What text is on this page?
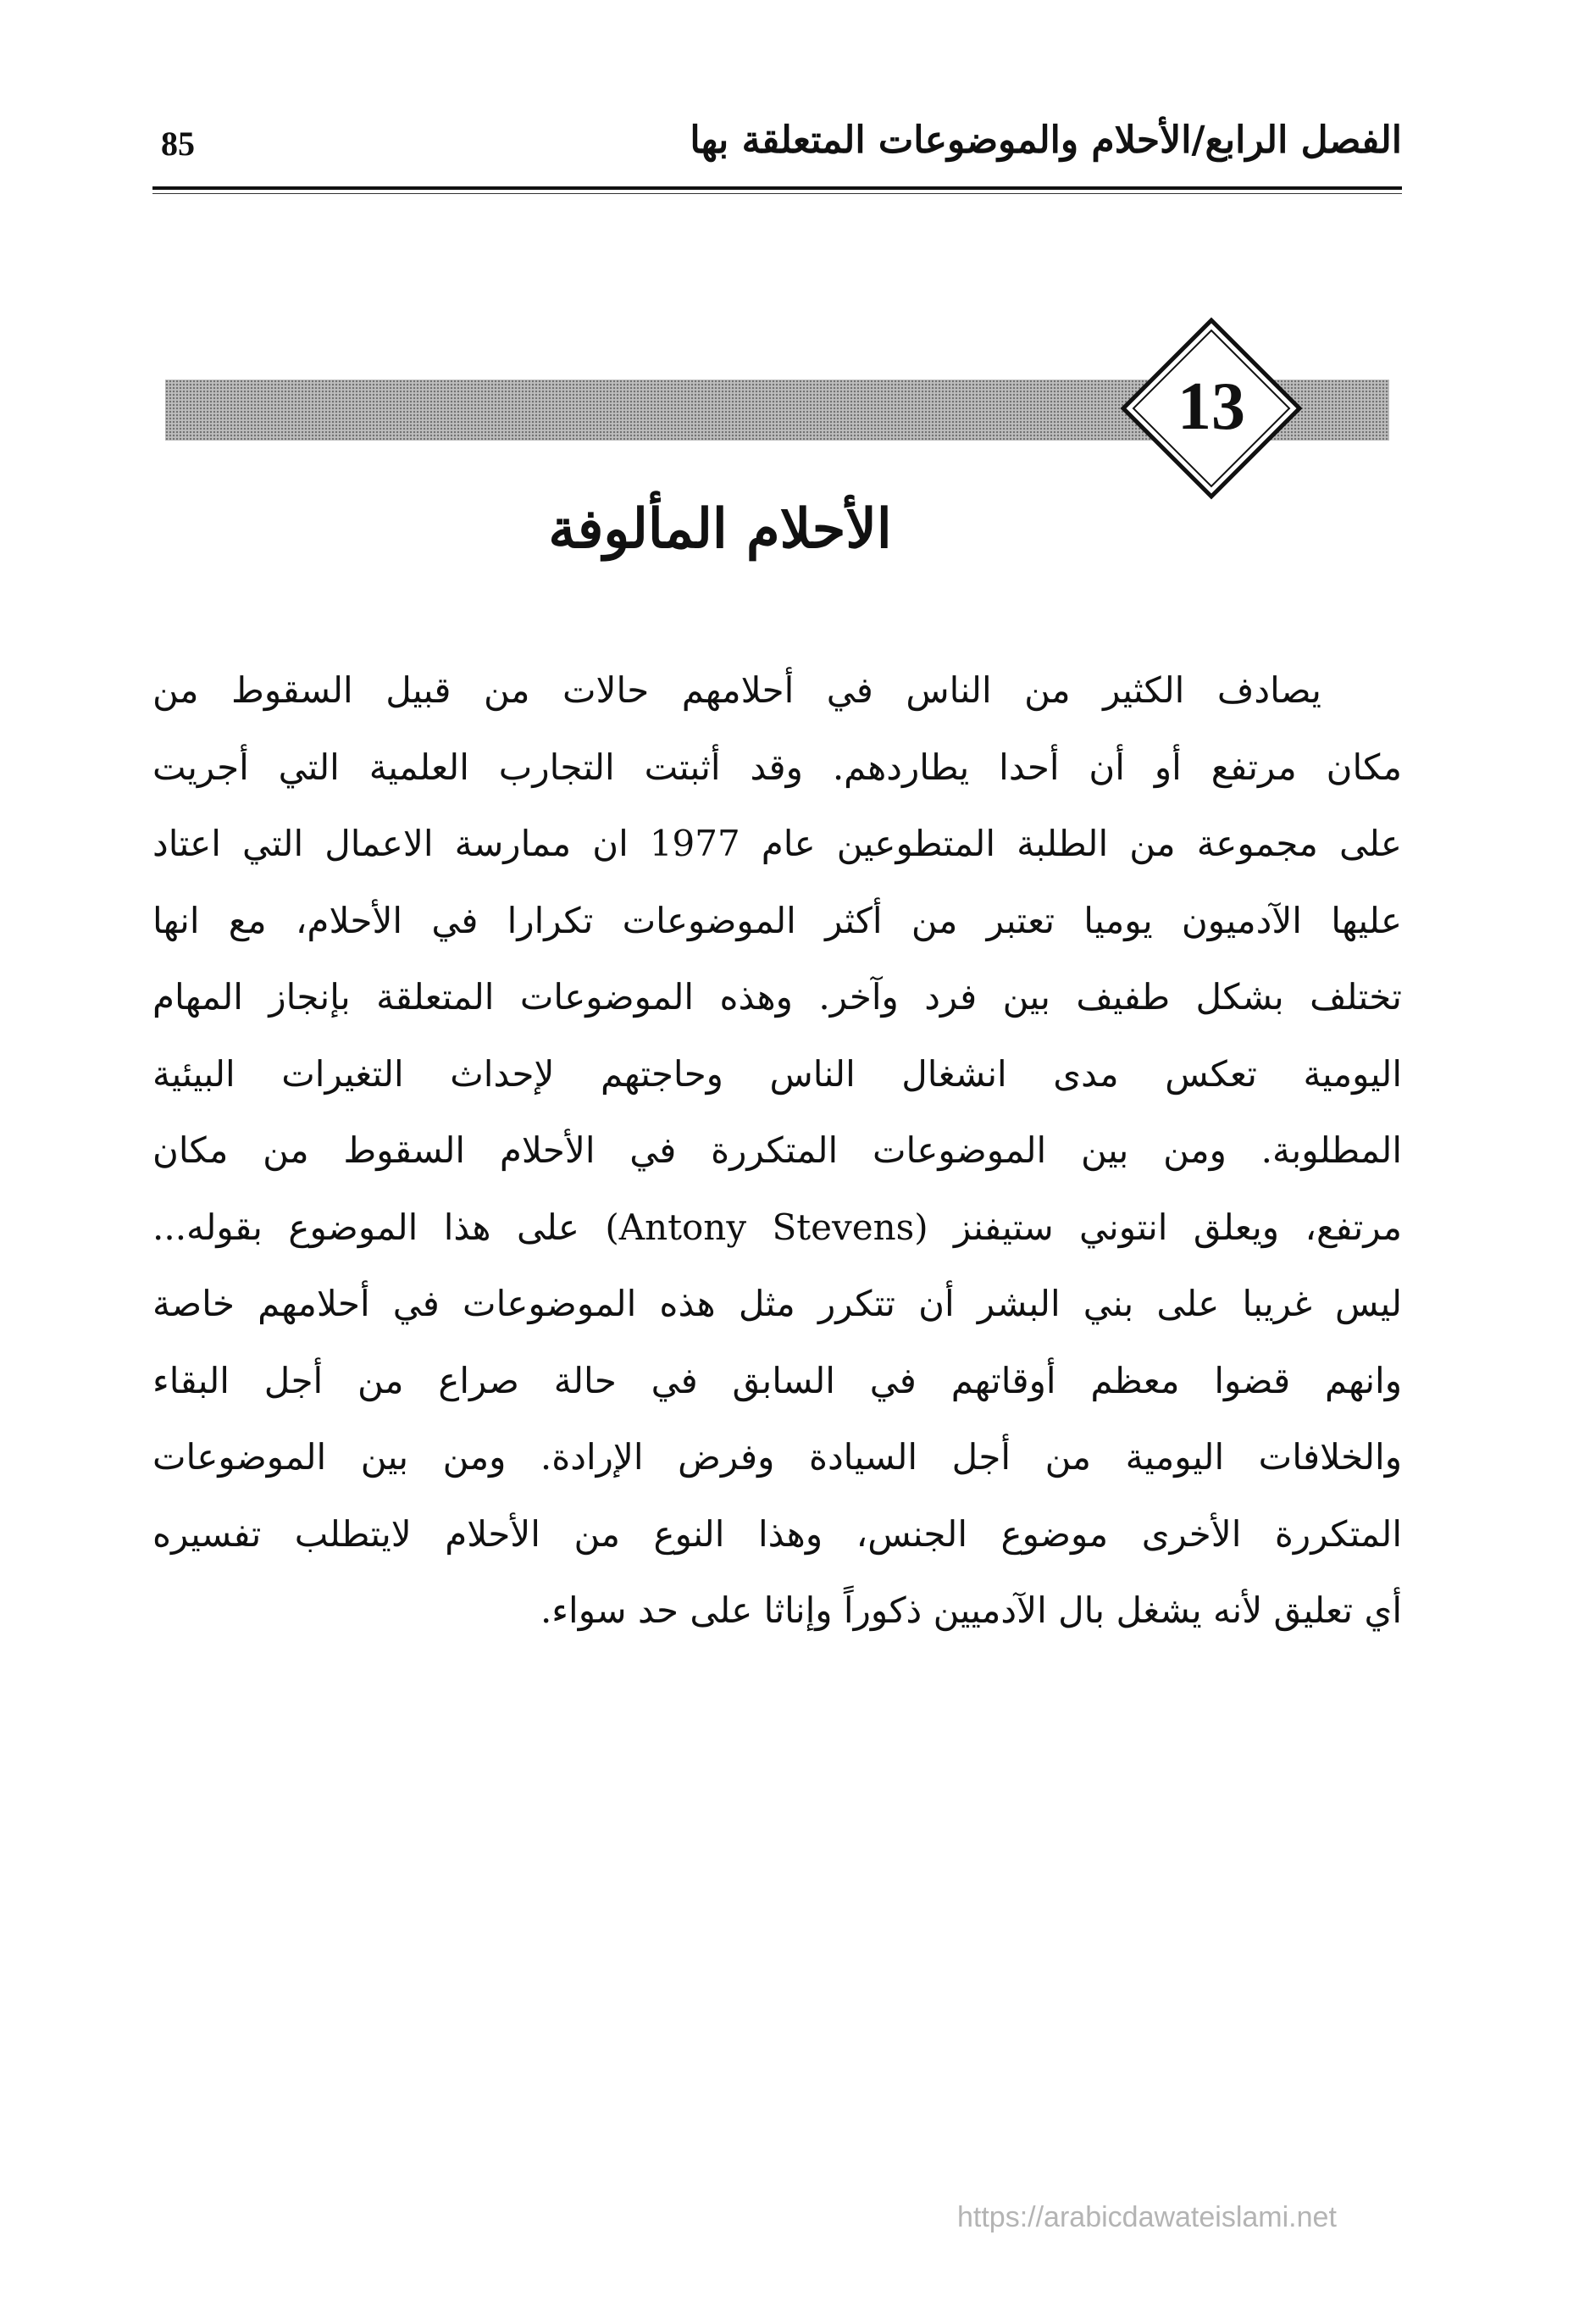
الفصل الرابع/الأحلام والموضوعات المتعلقة بها
85
13
الأحلام المألوفة
يصادف الكثير من الناس في أحلامهم حالات من قبيل السقوط من
مكان مرتفع أو أن أحدا يطاردهم. وقد أثبتت التجارب العلمية التي أجريت
على مجموعة من الطلبة المتطوعين عام 1977 ان ممارسة الاعمال التي اعتاد
عليها الآدميون يوميا تعتبر من أكثر الموضوعات تكرارا في الأحلام، مع انها
تختلف بشكل طفيف بين فرد وآخر. وهذه الموضوعات المتعلقة بإنجاز المهام
اليومية تعكس مدى انشغال الناس وحاجتهم لإحداث التغيرات البيئية
المطلوبة. ومن بين الموضوعات المتكررة في الأحلام السقوط من مكان
مرتفع، ويعلق انتوني ستيفنز (Antony Stevens) على هذا الموضوع بقوله...
ليس غريبا على بني البشر أن تتكرر مثل هذه الموضوعات في أحلامهم خاصة
وانهم قضوا معظم أوقاتهم في السابق في حالة صراع من أجل البقاء
والخلافات اليومية من أجل السيادة وفرض الإرادة. ومن بين الموضوعات
المتكررة الأخرى موضوع الجنس، وهذا النوع من الأحلام لايتطلب تفسيره
أي تعليق لأنه يشغل بال الآدميين ذكوراً وإناثا على حد سواء.
https://arabicdawateislami.net
